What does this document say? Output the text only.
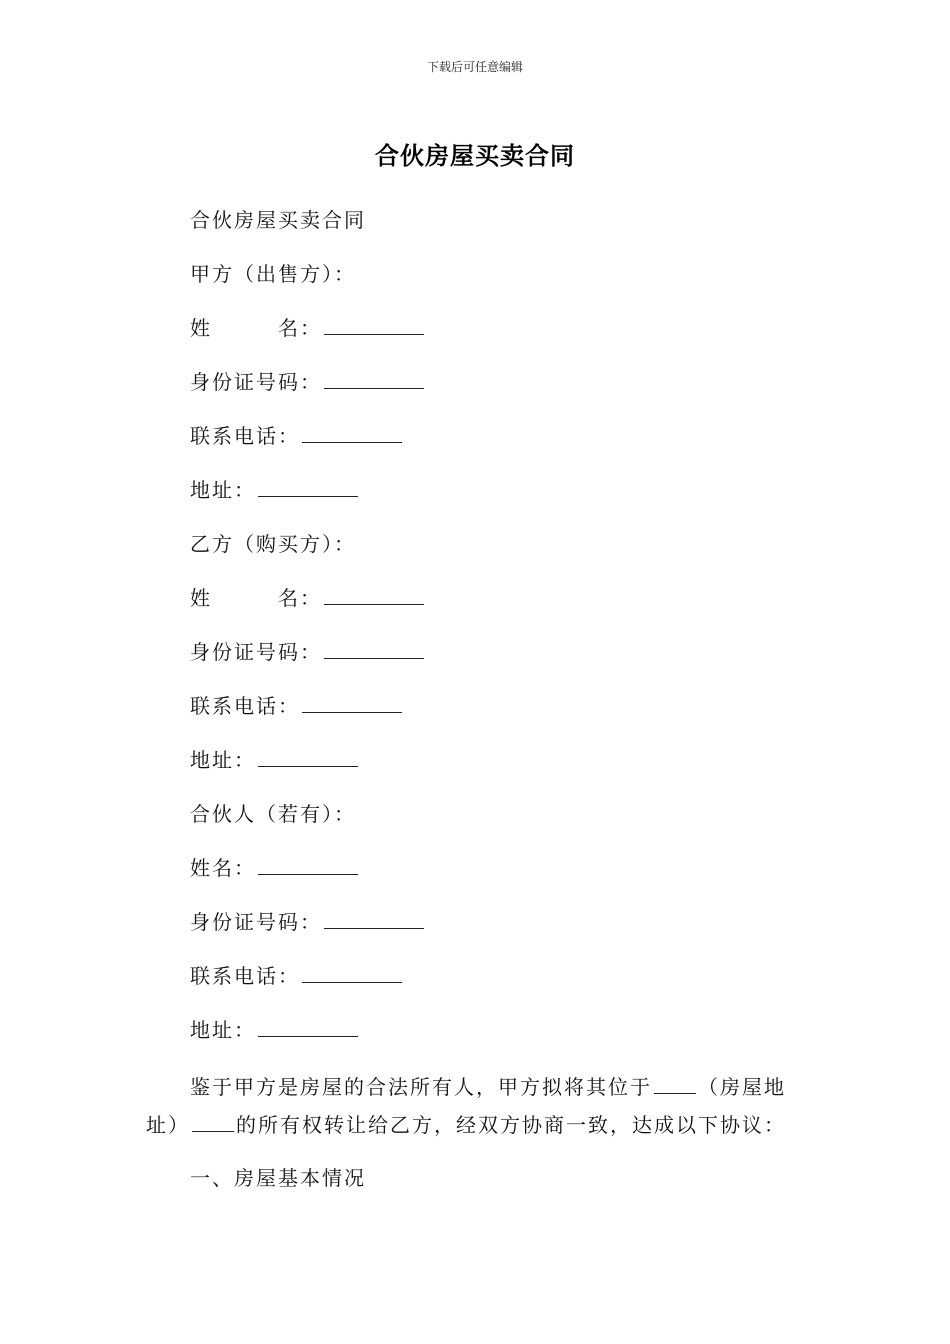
下载后可任意编辑
合伙房屋买卖合同
合伙房屋买卖合同
甲方（出售方）：
姓	名：
身份证号码：
联系电话：
地址：
乙方（购买方）：
姓	名：
身份证号码：
联系电话：
地址：
合伙人（若有）：
姓名：
身份证号码：
联系电话：
地址：
鉴于甲方是房屋的合法所有人，甲方拟将其位于 （房屋地址） 的所有权转让给乙方，经双方协商一致，达成以下协议：
一、房屋基本情况
